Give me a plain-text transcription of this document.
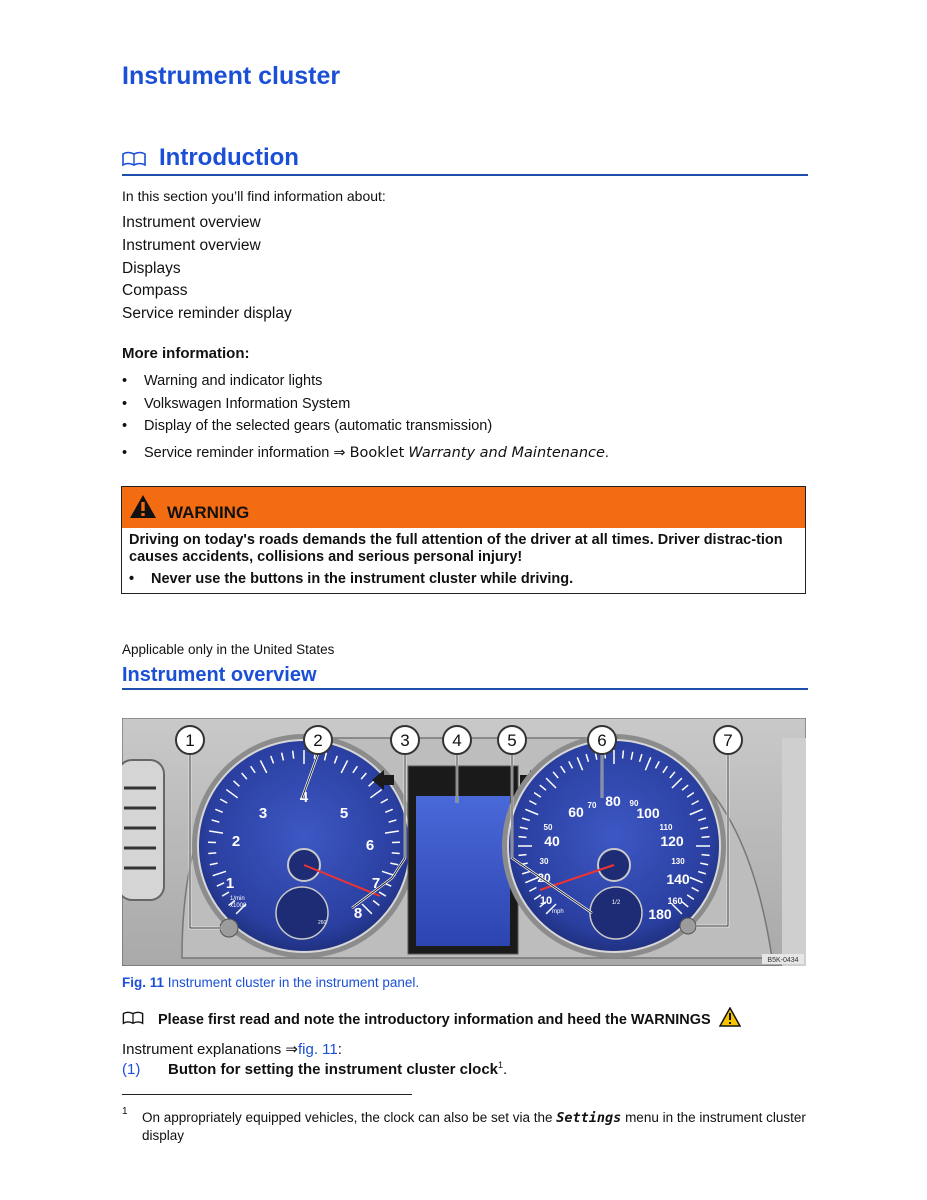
Instrument cluster
Introduction
In this section you’ll find information about:
Instrument overview
Instrument overview
Displays
Compass
Service reminder display
More information:
• Warning and indicator lights
• Volkswagen Information System
• Display of the selected gears (automatic transmission)
• Service reminder information ⇒ Booklet Warranty and Maintenance.
WARNING
Driving on today's roads demands the full attention of the driver at all times. Driver distrac-tion causes accidents, collisions and serious personal injury!
• Never use the buttons in the instrument cluster while driving.
Applicable only in the United States
Instrument overview
1
2
3
4
5
6
7
8
1/min
x1000
260
10
20
40
60
80
100
120
140
160
180
30
50
70	90
110
130
mph
1/2
1	2	3	4	5	6	7
B5K-0434
Fig. 11 Instrument cluster in the instrument panel.
Please first read and note the introductory information and heed the WARNINGS
Instrument explanations ⇒fig. 11:
(1) Button for setting the instrument cluster clock$^1$.
1 On appropriately equipped vehicles, the clock can also be set via the Settings menu in the instrument cluster display
